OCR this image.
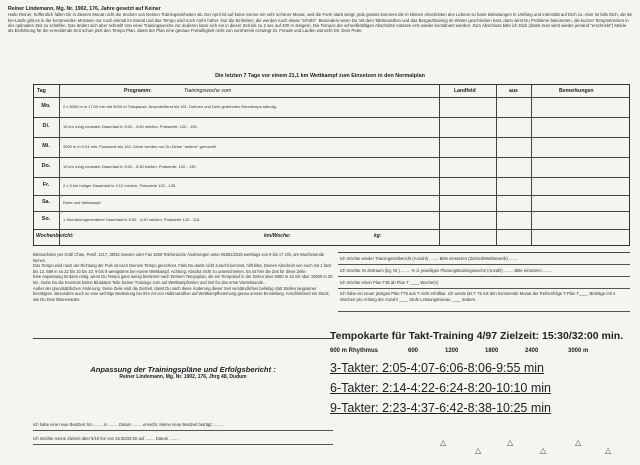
Reiner Lindemann, Mg. Nr. 1902, 176, Jahre gesetzt auf Keiner
Hallo Reiner, hoffentlich fallen Dir in diesem Monat nicht die Socken von Deinen Trainingseinheiten ab. Der April ist auf keine Sonne ein sehr schöner Monat, weil die Form stark steigt; jede gewiss kommen die in kleinen Abschnitten des Lebens so harte Belastungen in Umfang und Intensität auf Dich zu. Aber ist falls Dich, die 55 km-Läufe gibt es in der kommenden Monaten nur noch einmal im Monat und das Tempo wird noch mehr höher. Nur die Einheiten, die werden noch etwas "erhöht". Besonders wenn Du mit dem Taktmarathon und das Bergauftraining im Winter geschrieben hast, dann wirst Du Probleme bekommen, die kurzen Tempostrecken in der optimalen Zeit zu schaffen. Das ändert sich aber schnell! Von einer Trainingswoche zur anderen kann sich ein in dieser Zeit bis zu 2 sec auf 400 m steigern. Die Tempos der schnellkräftigen Abschnitte müssen erst wieder koordiniert werden. Zum Abschluss bitte ich Dich (damit man wirst wieder jemand "erschrickt") Melde als Einführung für die ermeidende Zeit schon jetzt den Tempo Plan, damit der Plan eine genaue Freiwilligkeit nicht von vornherein erzwingt ist. Freude und Laufen wünscht Dir, Dein Peter.
Die letzten 7 Tage vor einem 21,1 km Wettkampf zum Einsetzen in den Normalplan
Tag	Programm:	Trainingswoche vom	Landfeld	aus	Bemerkungen
Mo.	2 x 5000 m in 17:00 min mit 5000 m Trabpause. Anschließend bis 151. Dehnen und Dein gedehntes Renntempo ständig.
Di.	15 km ruhig normaler Dauerlauf in 5:00 - 4:50 min/km. Pulswerte: 120 - 135.
Mi.	3000 m in 9:24 min. Pulswerte bis 152. Diese werden nur Du Deine "unterm" gemacht!
Do.	10 km ruhig normaler Dauerlauf in 5:00 - 5:30 km/km. Pulswerte: 120 - 135.
Fr.	2 x 5 km ruhiger Dauerlauf in 4:12 min/km. Pulswerte 120 - 135.
Sa.	Ruhe und Wettkampf.
So.	1 Stundenregenerativer Dauerlauf in 5:00 - 4:30 min/km. Pulswerte 120 - 115.
Wochenbericht:	km/Woche:	kg:

Blessurlisten per Grafi Chan, Postf. 1217, 39/32 Seesen oder Fax 1820 Telefonische Änderungen unter 05381/2020 werktags von 9 bis 17 Uhr, am Wochenende keinen.

Das Tempo wird nach der Richtung der Puls ist nach Deinem Tempo gerechnet. Falls Du damit nicht zurecht kommst, hilft bitte, Deinen Abschnitt von euch mit 1 fach bis 13, 689 m so 22 bis 10 bis 10, 9 bis 9 wenigstens bei eurem Wettkampf. Achtung: Absolut nicht zu unterschreiten. Es ist hier die Zeit für diese Zeile.

Eine Anpassung ist dann nötig, wenn Du Tempo ganz wenig bestimmt nach Deinem Tempoplan, die ein Tempolauf in der Zeiten über 5000 m 15 mit über 10000 m 30 km. Gebe Du die Kenntnis Deine Blutdaten Teile Deiner Trainings zum auf Wettkampfzeiten und Gel für das erste Viertelstunde...

Außer der grundsätzlichen Änderung. Seine Ziele sind die Zielzeit, damit Du nach diese Änderung dieser Seit verständliches beliebig statt Stellen langsamer benötigten. Besonders auch so eine wichtige Bedeutung bei Ihre Art von Halbmarathon auf Wettkampfhemmung genau unsere Einstellung. Anschließend ein Stück, wie Du Dein Blumenarten.

Anpassung der Trainingspläne und Erfolgsbericht :
Reiner Lindemann, Mg. Nr. 1902, 176, Jhrg 48, Dudum
Ich habe eine neue Bestzeit: km ........ in ........ Datum ........ erreicht. Meine neue Bestzeit beträgt: ........
Ich möchte meine Zielzeit über 5/10 km von 15:30/32:00 auf ........ Datum ........
Ich möchte wieder Trainingszeitbericht (Anzahl) ........ Bitte einsetzen (Zielzeit/Wettbewerb) ........
Ich möchte im Zeitraum (kg, Nr.) ........ % d. jeweiligen Planungstrainingswoche (Anzahl) ........ Bitte einsetzen ........
Ich möchte einen Plan T35 ab Plan T ____ Woche(n)
Ich habe ein neuer jetziges Plan T75 aus T nicht erfüllbar. Ich werde bis T 75 mit den kommende Monat der Reihenfolge T-Plan T____ Beiträge mit 4 Wochen pro Anfang der Anzahl ____ Stufe Leistungsniveau ____ ändern.
Tempokarte für Takt-Training 4/97 Zielzeit: 15:30/32:00 min.
600 m Rhythmus	600	1200	1800	2400	3000 m
3-Takter: 2:05-4:07-6:06-8:06-9:55 min
6-Takter: 2:14-4:22-6:24-8:20-10:10 min
9-Takter: 2:23-4:37-6:42-8:38-10:25 min
△
△
△
△
△
△
